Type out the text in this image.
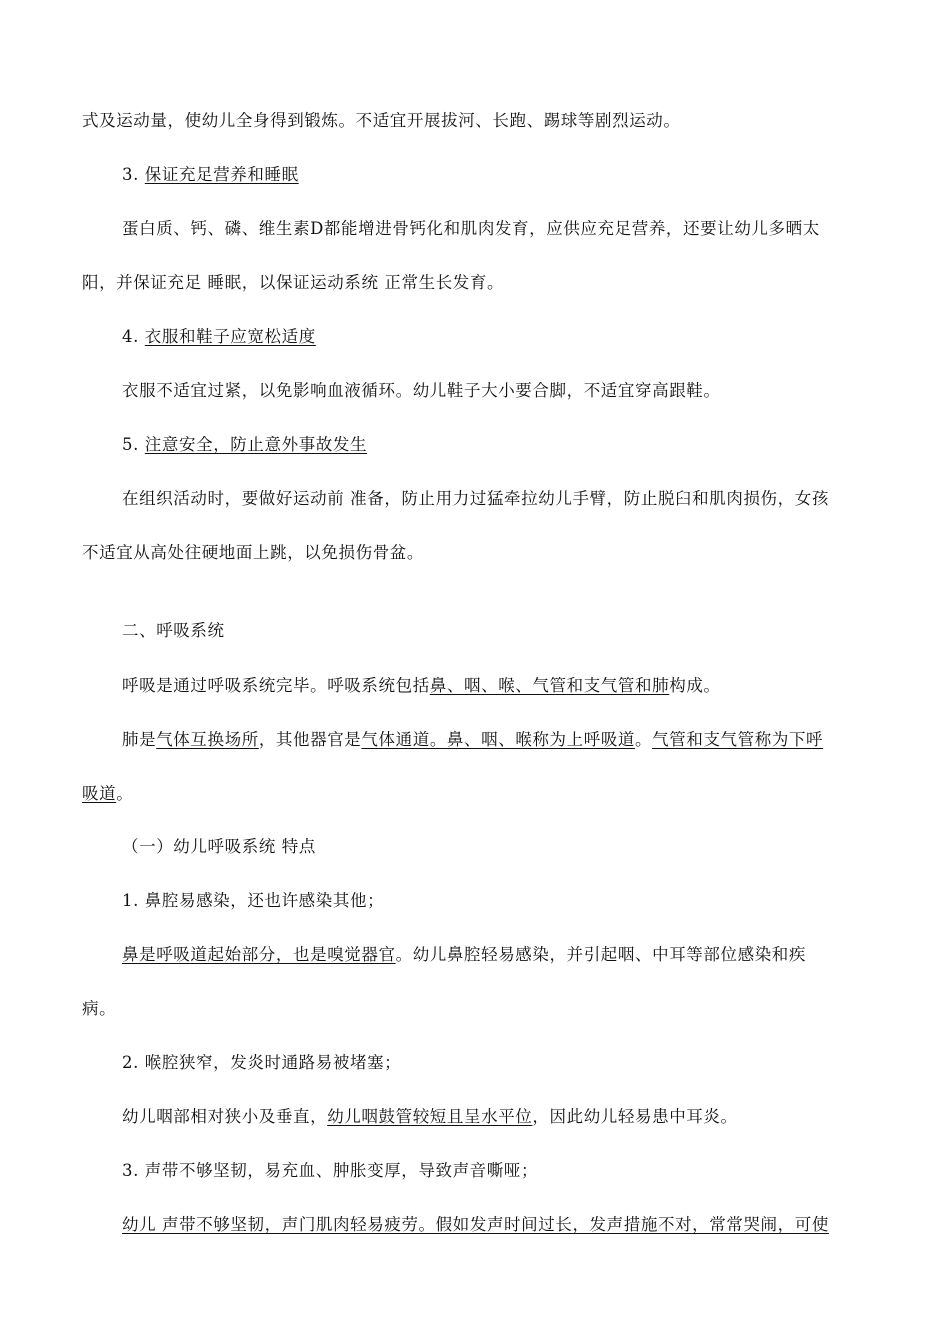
式及运动量，使幼儿全身得到锻炼。不适宜开展拔河、长跑、踢球等剧烈运动。
3. 保证充足营养和睡眠
蛋白质、钙、磷、维生素D都能增进骨钙化和肌肉发育，应供应充足营养，还要让幼儿多晒太
阳，并保证充足 睡眠，以保证运动系统 正常生长发育。
4. 衣服和鞋子应宽松适度
衣服不适宜过紧，以免影响血液循环。幼儿鞋子大小要合脚，不适宜穿高跟鞋。
5. 注意安全，防止意外事故发生
在组织活动时，要做好运动前 准备，防止用力过猛牵拉幼儿手臂，防止脱臼和肌肉损伤，女孩
不适宜从高处往硬地面上跳，以免损伤骨盆。
二、呼吸系统
呼吸是通过呼吸系统完毕。呼吸系统包括鼻、咽、喉、气管和支气管和肺构成。
肺是气体互换场所，其他器官是气体通道。鼻、咽、喉称为上呼吸道。气管和支气管称为下呼
吸道。
（一）幼儿呼吸系统 特点
1. 鼻腔易感染，还也许感染其他；
鼻是呼吸道起始部分，也是嗅觉器官。幼儿鼻腔轻易感染，并引起咽、中耳等部位感染和疾
病。
2. 喉腔狭窄，发炎时通路易被堵塞；
幼儿咽部相对狭小及垂直，幼儿咽鼓管较短且呈水平位，因此幼儿轻易患中耳炎。
3. 声带不够坚韧，易充血、肿胀变厚，导致声音嘶哑；
幼儿 声带不够坚韧，声门肌肉轻易疲劳。假如发声时间过长，发声措施不对，常常哭闹，可使
